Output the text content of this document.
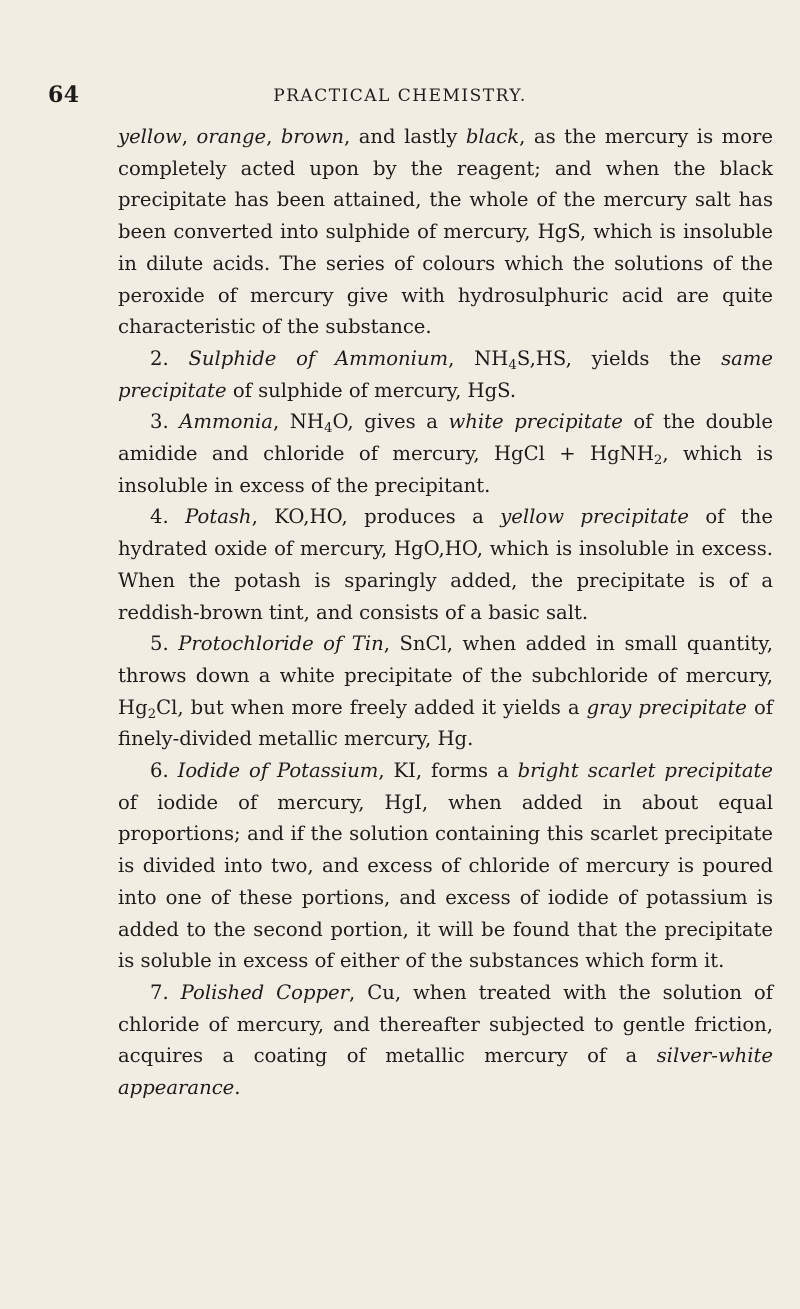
64	PRACTICAL CHEMISTRY.

yellow, orange, brown, and lastly black, as the mercury is more completely acted upon by the reagent; and when the black precipitate has been attained, the whole of the mercury salt has been converted into sulphide of mercury, HgS, which is insoluble in dilute acids. The series of colours which the solutions of the peroxide of mercury give with hydrosulphuric acid are quite characteristic of the substance.

2. Sulphide of Ammonium, $NH_4S,HS$, yields the same precipitate of sulphide of mercury, HgS.

3. Ammonia, $NH_4O$, gives a white precipitate of the double amidide and chloride of mercury, HgCl + HgNH$_2$, which is insoluble in excess of the precipitant.

4. Potash, KO,HO, produces a yellow precipitate of the hydrated oxide of mercury, HgO,HO, which is insoluble in excess. When the potash is sparingly added, the precipitate is of a reddish-brown tint, and consists of a basic salt.

5. Protochloride of Tin, SnCl, when added in small quantity, throws down a white precipitate of the subchloride of mercury, $Hg_2Cl$, but when more freely added it yields a gray precipitate of finely-divided metallic mercury, Hg.

6. Iodide of Potassium, KI, forms a bright scarlet precipitate of iodide of mercury, HgI, when added in about equal proportions; and if the solution containing this scarlet precipitate is divided into two, and excess of chloride of mercury is poured into one of these portions, and excess of iodide of potassium is added to the second portion, it will be found that the precipitate is soluble in excess of either of the substances which form it.

7. Polished Copper, Cu, when treated with the solution of chloride of mercury, and thereafter subjected to gentle friction, acquires a coating of metallic mercury of a silver-white appearance.
